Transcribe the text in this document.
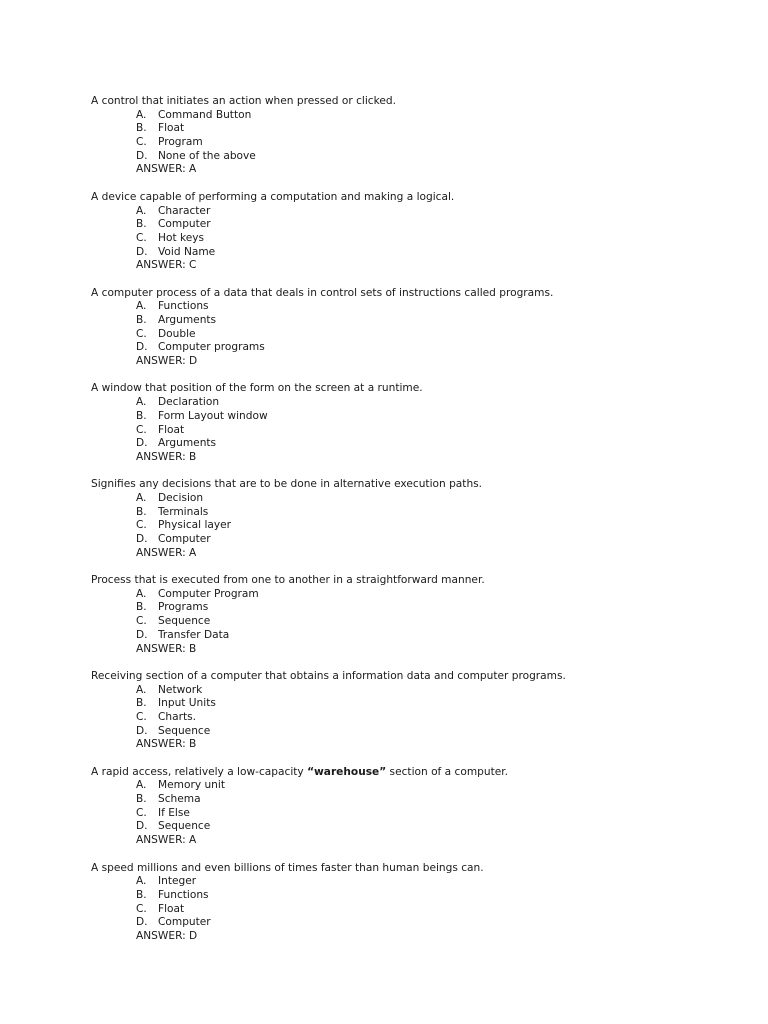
A control that initiates an action when pressed or clicked.
A. Command Button
B. Float
C. Program
D. None of the above
ANSWER: A
A device capable of performing a computation and making a logical.
A. Character
B. Computer
C. Hot keys
D. Void Name
ANSWER: C
A computer process of a data that deals in control sets of instructions called programs.
A. Functions
B. Arguments
C. Double
D. Computer programs
ANSWER: D
A window that position of the form on the screen at a runtime.
A. Declaration
B. Form Layout window
C. Float
D. Arguments
ANSWER: B
Signifies any decisions that are to be done in alternative execution paths.
A. Decision
B. Terminals
C. Physical layer
D. Computer
ANSWER: A
Process that is executed from one to another in a straightforward manner.
A. Computer Program
B. Programs
C. Sequence
D. Transfer Data
ANSWER: B
Receiving section of a computer that obtains a information data and computer programs.
A. Network
B. Input Units
C. Charts.
D. Sequence
ANSWER: B
A rapid access, relatively a low-capacity “warehouse” section of a computer.
A. Memory unit
B. Schema
C. If Else
D. Sequence
ANSWER: A
A speed millions and even billions of times faster than human beings can.
A. Integer
B. Functions
C. Float
D. Computer
ANSWER: D
